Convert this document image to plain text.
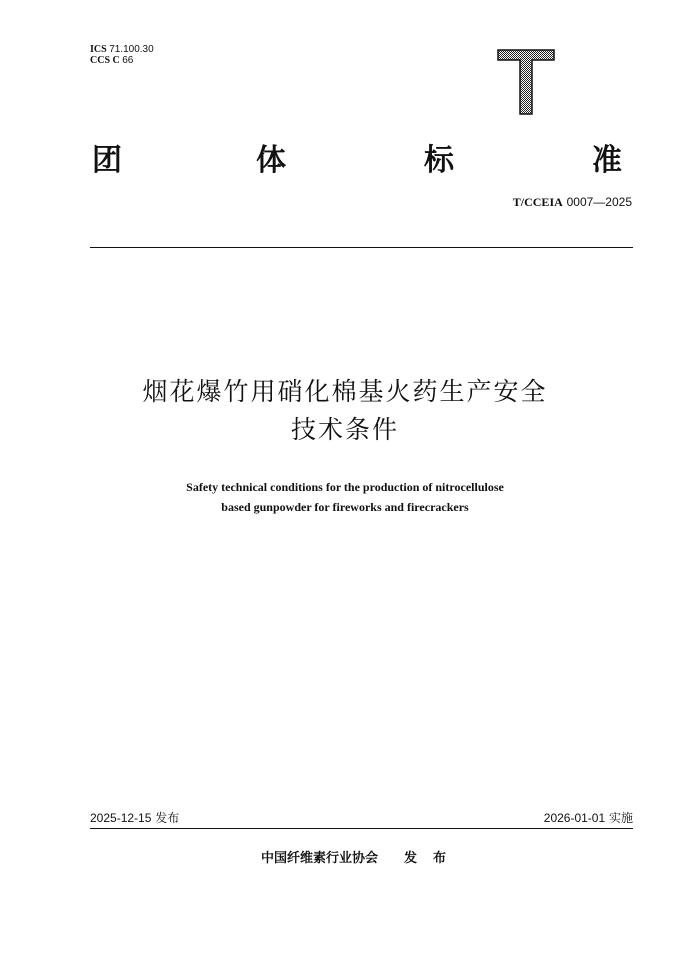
ICS 71.100.30
CCS C 66
团	体	标	准
T/CCEIA 0007—2025
烟花爆竹用硝化棉基火药生产安全
技术条件
Safety technical conditions for the production of nitrocellulose
based gunpowder for fireworks and firecrackers
2025-12-15 发布	2026-01-01 实施
中国纤维素行业协会 发布
